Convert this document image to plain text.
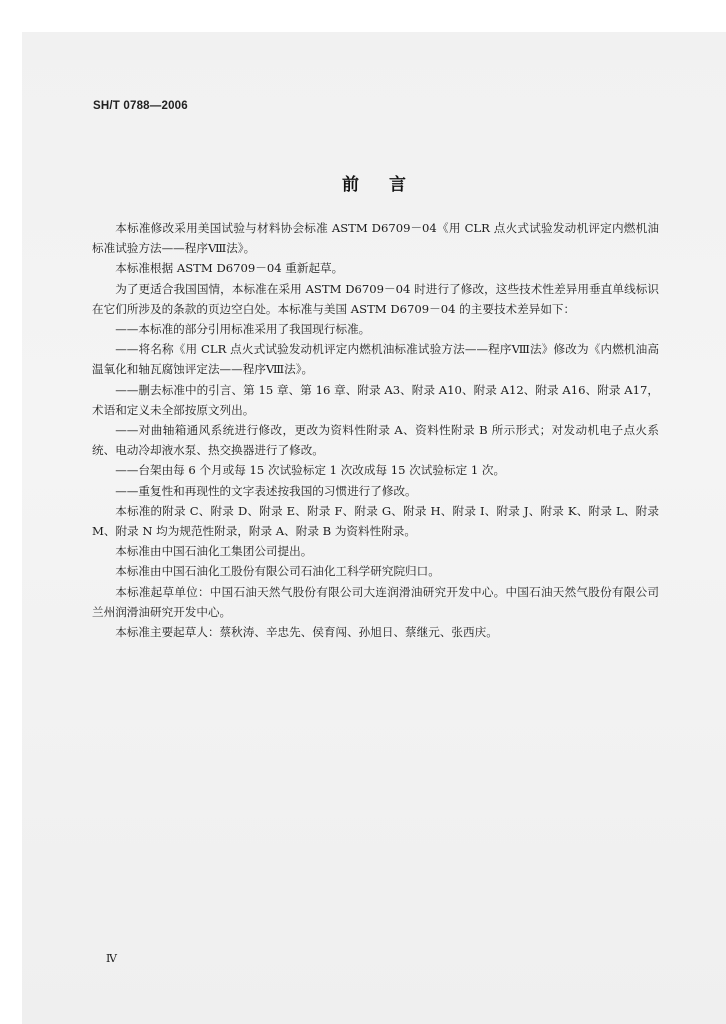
SH/T 0788—2006
前言

本标准修改采用美国试验与材料协会标准 ASTM D6709－04《用 CLR 点火式试验发动机评定内燃机油标准试验方法——程序Ⅷ法》。

本标准根据 ASTM D6709－04 重新起草。

为了更适合我国国情，本标准在采用 ASTM D6709－04 时进行了修改，这些技术性差异用垂直单线标识在它们所涉及的条款的页边空白处。本标准与美国 ASTM D6709－04 的主要技术差异如下：

——本标准的部分引用标准采用了我国现行标准。

——将名称《用 CLR 点火式试验发动机评定内燃机油标准试验方法——程序Ⅷ法》修改为《内燃机油高温氧化和轴瓦腐蚀评定法——程序Ⅷ法》。

——删去标准中的引言、第 15 章、第 16 章、附录 A3、附录 A10、附录 A12、附录 A16、附录 A17，术语和定义未全部按原文列出。

——对曲轴箱通风系统进行修改，更改为资料性附录 A、资料性附录 B 所示形式；对发动机电子点火系统、电动冷却液水泵、热交换器进行了修改。

——台架由每 6 个月或每 15 次试验标定 1 次改成每 15 次试验标定 1 次。

——重复性和再现性的文字表述按我国的习惯进行了修改。

本标准的附录 C、附录 D、附录 E、附录 F、附录 G、附录 H、附录 I、附录 J、附录 K、附录 L、附录 M、附录 N 均为规范性附录，附录 A、附录 B 为资料性附录。

本标准由中国石油化工集团公司提出。

本标准由中国石油化工股份有限公司石油化工科学研究院归口。

本标准起草单位：中国石油天然气股份有限公司大连润滑油研究开发中心。中国石油天然气股份有限公司兰州润滑油研究开发中心。

本标准主要起草人：蔡秋涛、辛忠先、侯育闯、孙旭日、蔡继元、张西庆。

Ⅳ
